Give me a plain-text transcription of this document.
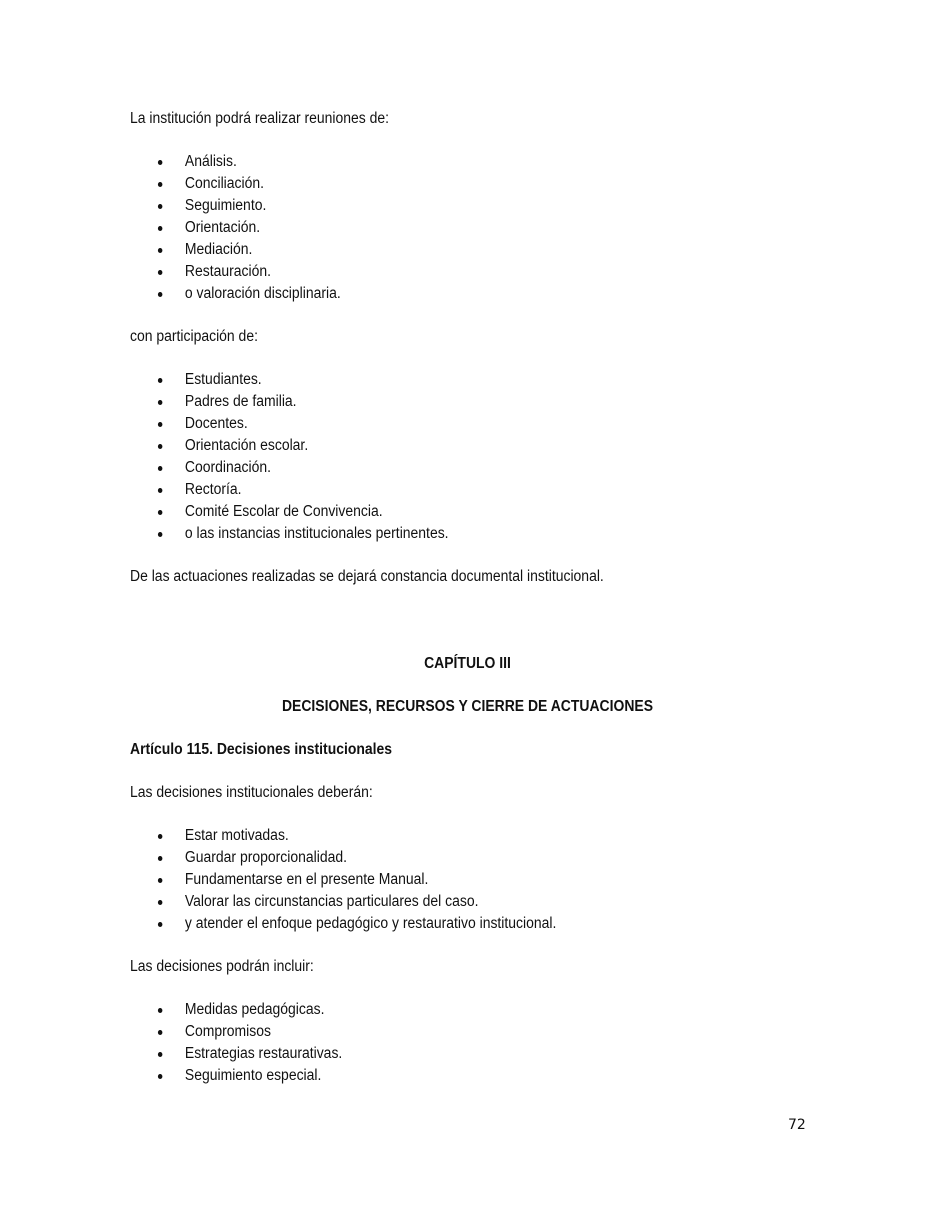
La institución podrá realizar reuniones de:

Análisis.
Conciliación.
Seguimiento.
Orientación.
Mediación.
Restauración.
o valoración disciplinaria.

con participación de:

Estudiantes.
Padres de familia.
Docentes.
Orientación escolar.
Coordinación.
Rectoría.
Comité Escolar de Convivencia.
o las instancias institucionales pertinentes.

De las actuaciones realizadas se dejará constancia documental institucional.

CAPÍTULO III

DECISIONES, RECURSOS Y CIERRE DE ACTUACIONES

Artículo 115. Decisiones institucionales

Las decisiones institucionales deberán:

Estar motivadas.
Guardar proporcionalidad.
Fundamentarse en el presente Manual.
Valorar las circunstancias particulares del caso.
y atender el enfoque pedagógico y restaurativo institucional.

Las decisiones podrán incluir:

Medidas pedagógicas.
Compromisos
Estrategias restaurativas.
Seguimiento especial.
72
